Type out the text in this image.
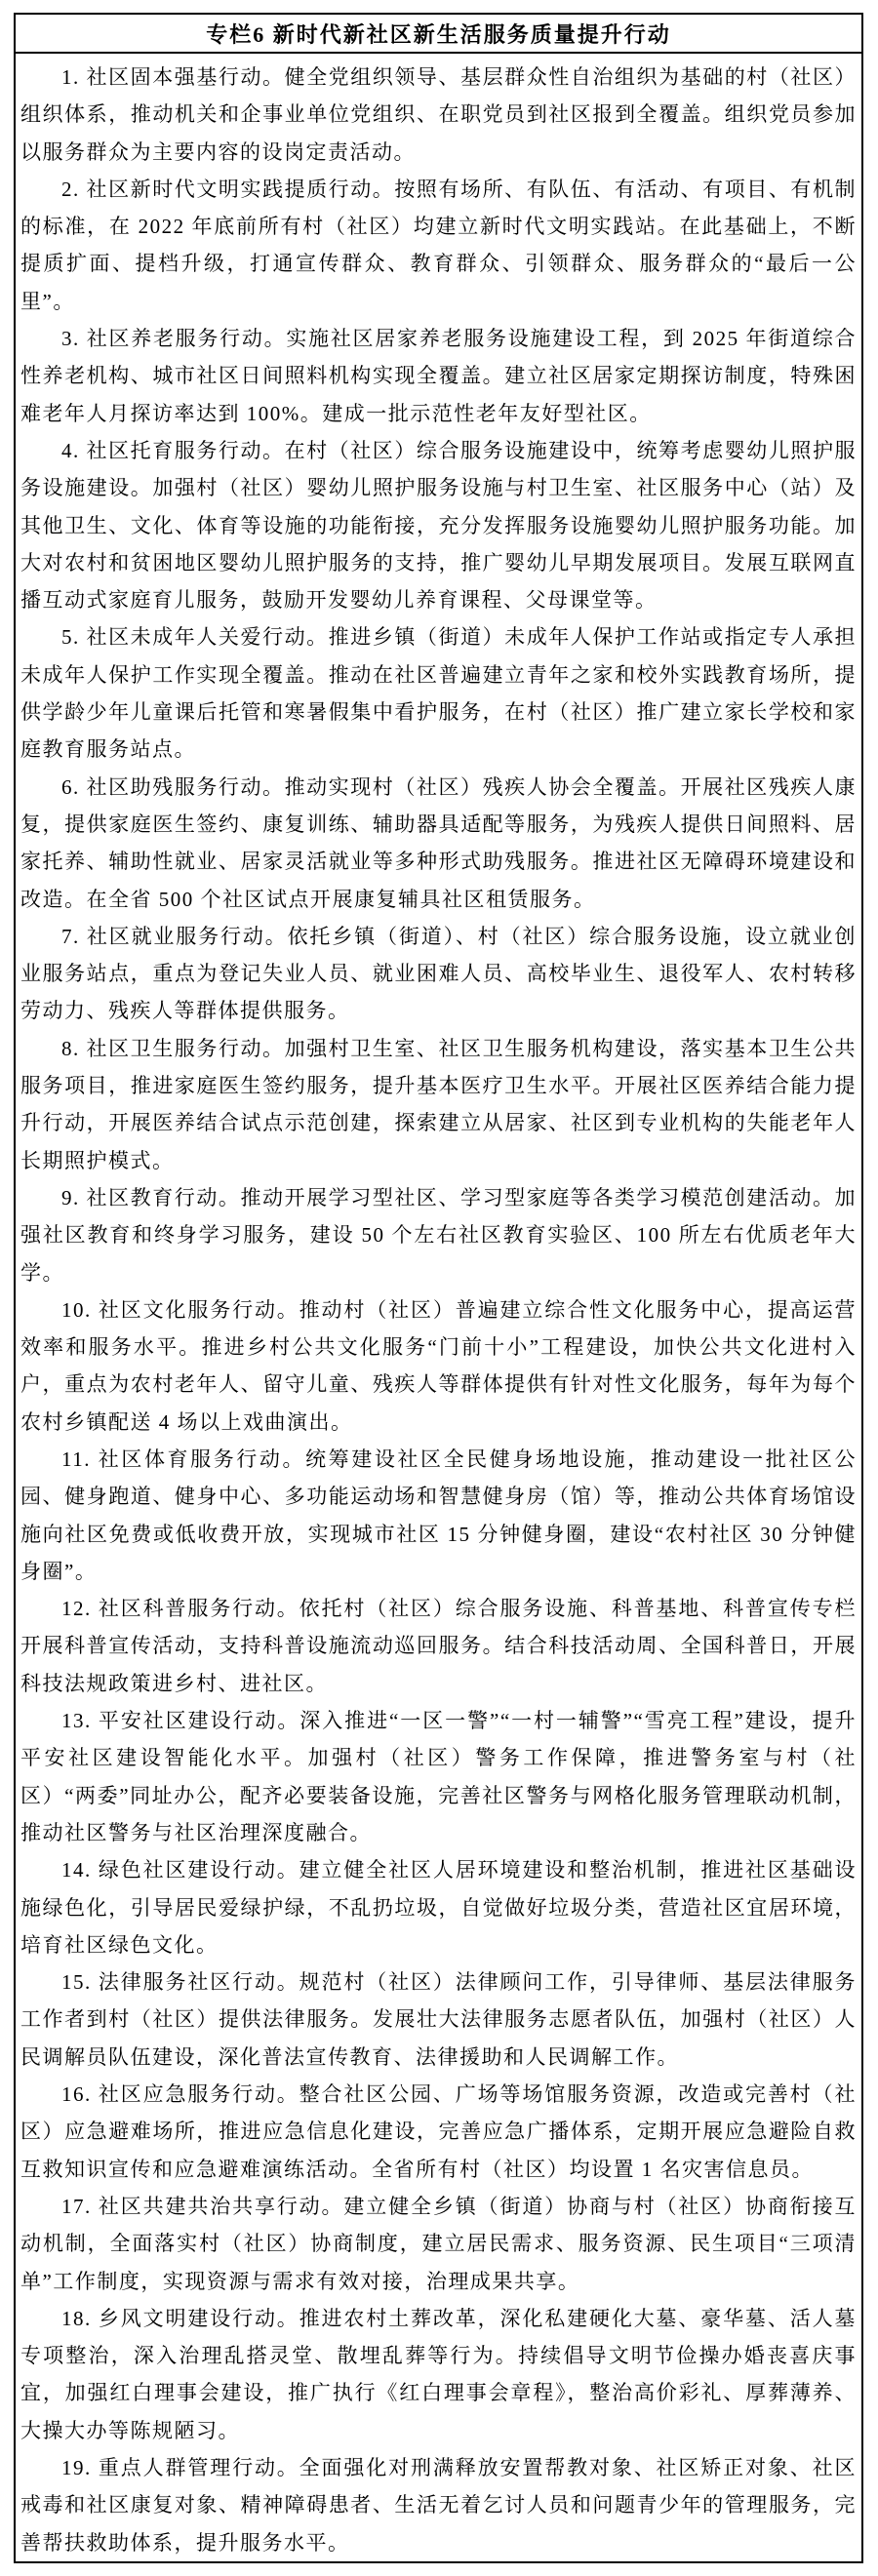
专栏6 新时代新社区新生活服务质量提升行动

1. 社区固本强基行动。健全党组织领导、基层群众性自治组织为基础的村（社区）组织体系，推动机关和企事业单位党组织、在职党员到社区报到全覆盖。组织党员参加以服务群众为主要内容的设岗定责活动。

2. 社区新时代文明实践提质行动。按照有场所、有队伍、有活动、有项目、有机制的标准，在 2022 年底前所有村（社区）均建立新时代文明实践站。在此基础上，不断提质扩面、提档升级，打通宣传群众、教育群众、引领群众、服务群众的“最后一公里”。

3. 社区养老服务行动。实施社区居家养老服务设施建设工程，到 2025 年街道综合性养老机构、城市社区日间照料机构实现全覆盖。建立社区居家定期探访制度，特殊困难老年人月探访率达到 100%。建成一批示范性老年友好型社区。

4. 社区托育服务行动。在村（社区）综合服务设施建设中，统筹考虑婴幼儿照护服务设施建设。加强村（社区）婴幼儿照护服务设施与村卫生室、社区服务中心（站）及其他卫生、文化、体育等设施的功能衔接，充分发挥服务设施婴幼儿照护服务功能。加大对农村和贫困地区婴幼儿照护服务的支持，推广婴幼儿早期发展项目。发展互联网直播互动式家庭育儿服务，鼓励开发婴幼儿养育课程、父母课堂等。

5. 社区未成年人关爱行动。推进乡镇（街道）未成年人保护工作站或指定专人承担未成年人保护工作实现全覆盖。推动在社区普遍建立青年之家和校外实践教育场所，提供学龄少年儿童课后托管和寒暑假集中看护服务，在村（社区）推广建立家长学校和家庭教育服务站点。

6. 社区助残服务行动。推动实现村（社区）残疾人协会全覆盖。开展社区残疾人康复，提供家庭医生签约、康复训练、辅助器具适配等服务，为残疾人提供日间照料、居家托养、辅助性就业、居家灵活就业等多种形式助残服务。推进社区无障碍环境建设和改造。在全省 500 个社区试点开展康复辅具社区租赁服务。

7. 社区就业服务行动。依托乡镇（街道）、村（社区）综合服务设施，设立就业创业服务站点，重点为登记失业人员、就业困难人员、高校毕业生、退役军人、农村转移劳动力、残疾人等群体提供服务。

8. 社区卫生服务行动。加强村卫生室、社区卫生服务机构建设，落实基本卫生公共服务项目，推进家庭医生签约服务，提升基本医疗卫生水平。开展社区医养结合能力提升行动，开展医养结合试点示范创建，探索建立从居家、社区到专业机构的失能老年人长期照护模式。

9. 社区教育行动。推动开展学习型社区、学习型家庭等各类学习模范创建活动。加强社区教育和终身学习服务，建设 50 个左右社区教育实验区、100 所左右优质老年大学。

10. 社区文化服务行动。推动村（社区）普遍建立综合性文化服务中心，提高运营效率和服务水平。推进乡村公共文化服务“门前十小”工程建设，加快公共文化进村入户，重点为农村老年人、留守儿童、残疾人等群体提供有针对性文化服务，每年为每个农村乡镇配送 4 场以上戏曲演出。

11. 社区体育服务行动。统筹建设社区全民健身场地设施，推动建设一批社区公园、健身跑道、健身中心、多功能运动场和智慧健身房（馆）等，推动公共体育场馆设施向社区免费或低收费开放，实现城市社区 15 分钟健身圈，建设“农村社区 30 分钟健身圈”。

12. 社区科普服务行动。依托村（社区）综合服务设施、科普基地、科普宣传专栏开展科普宣传活动，支持科普设施流动巡回服务。结合科技活动周、全国科普日，开展科技法规政策进乡村、进社区。

13. 平安社区建设行动。深入推进“一区一警”“一村一辅警”“雪亮工程”建设，提升平安社区建设智能化水平。加强村（社区）警务工作保障，推进警务室与村（社区）“两委”同址办公，配齐必要装备设施，完善社区警务与网格化服务管理联动机制，推动社区警务与社区治理深度融合。

14. 绿色社区建设行动。建立健全社区人居环境建设和整治机制，推进社区基础设施绿色化，引导居民爱绿护绿，不乱扔垃圾，自觉做好垃圾分类，营造社区宜居环境，培育社区绿色文化。

15. 法律服务社区行动。规范村（社区）法律顾问工作，引导律师、基层法律服务工作者到村（社区）提供法律服务。发展壮大法律服务志愿者队伍，加强村（社区）人民调解员队伍建设，深化普法宣传教育、法律援助和人民调解工作。

16. 社区应急服务行动。整合社区公园、广场等场馆服务资源，改造或完善村（社区）应急避难场所，推进应急信息化建设，完善应急广播体系，定期开展应急避险自救互救知识宣传和应急避难演练活动。全省所有村（社区）均设置 1 名灾害信息员。

17. 社区共建共治共享行动。建立健全乡镇（街道）协商与村（社区）协商衔接互动机制，全面落实村（社区）协商制度，建立居民需求、服务资源、民生项目“三项清单”工作制度，实现资源与需求有效对接，治理成果共享。

18. 乡风文明建设行动。推进农村土葬改革，深化私建硬化大墓、豪华墓、活人墓专项整治，深入治理乱搭灵堂、散埋乱葬等行为。持续倡导文明节俭操办婚丧喜庆事宜，加强红白理事会建设，推广执行《红白理事会章程》，整治高价彩礼、厚葬薄养、大操大办等陈规陋习。

19. 重点人群管理行动。全面强化对刑满释放安置帮教对象、社区矫正对象、社区戒毒和社区康复对象、精神障碍患者、生活无着乞讨人员和问题青少年的管理服务，完善帮扶救助体系，提升服务水平。
